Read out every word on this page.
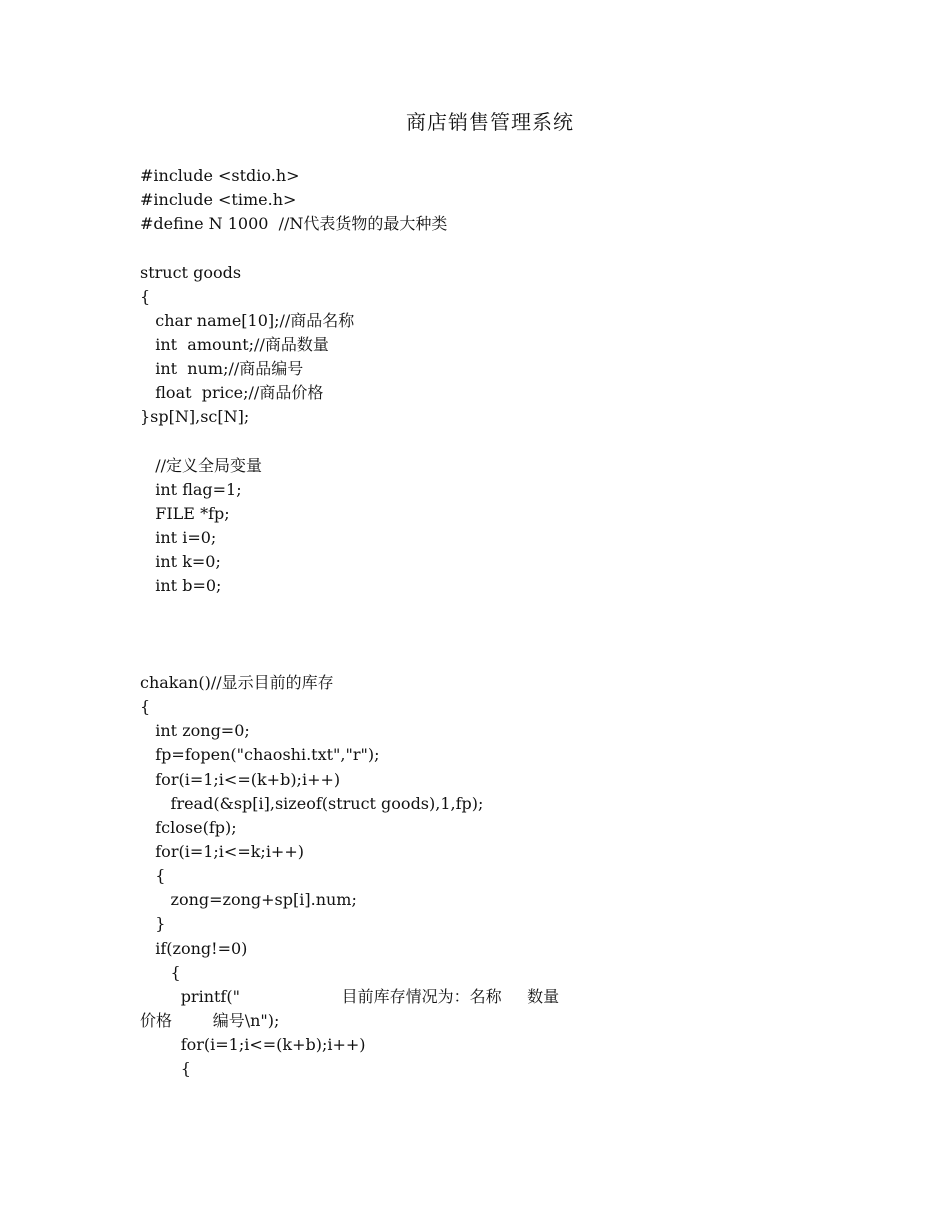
商店销售管理系统
#include <stdio.h>
#include <time.h>
#define N 1000  //N代表货物的最大种类
struct goods
{
char name[10];//商品名称
int  amount;//商品数量
int  num;//商品编号
float  price;//商品价格
}sp[N],sc[N];
//定义全局变量
int flag=1;
FILE *fp;
int i=0;
int k=0;
int b=0;
chakan()//显示目前的库存
{
int zong=0;
fp=fopen("chaoshi.txt","r");
for(i=1;i<=(k+b);i++)
fread(&sp[i],sizeof(struct goods),1,fp);
fclose(fp);
for(i=1;i<=k;i++)
{
zong=zong+sp[i].num;
}
if(zong!=0)
{
printf("                    目前库存情况为：名称     数量
价格        编号\n");
for(i=1;i<=(k+b);i++)
{
